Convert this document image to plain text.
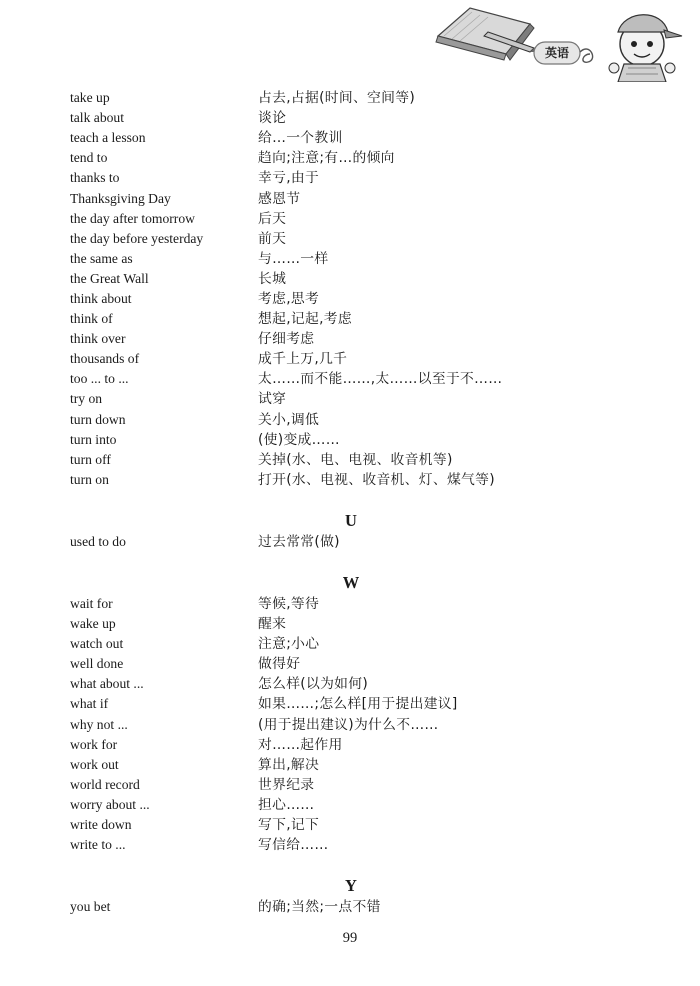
英语
take up	占去,占据(时间、空间等)
talk about	谈论
teach a lesson	给…一个教训
tend to	趋向;注意;有…的倾向
thanks to	幸亏,由于
Thanksgiving Day	感恩节
the day after tomorrow	后天
the day before yesterday	前天
the same as	与……一样
the Great Wall	长城
think about	考虑,思考
think of	想起,记起,考虑
think over	仔细考虑
thousands of	成千上万,几千
too ... to ...	太……而不能……,太……以至于不……
try on	试穿
turn down	关小,调低
turn into	(使)变成……
turn off	关掉(水、电、电视、收音机等)
turn on	打开(水、电视、收音机、灯、煤气等)
U
used to do	过去常常(做)
W
wait for	等候,等待
wake up	醒来
watch out	注意;小心
well done	做得好
what about ...	怎么样(以为如何)
what if	如果……;怎么样[用于提出建议]
why not ...	(用于提出建议)为什么不……
work for	对……起作用
work out	算出,解决
world record	世界纪录
worry about ...	担心……
write down	写下,记下
write to ...	写信给……
Y
you bet	的确;当然;一点不错
99
